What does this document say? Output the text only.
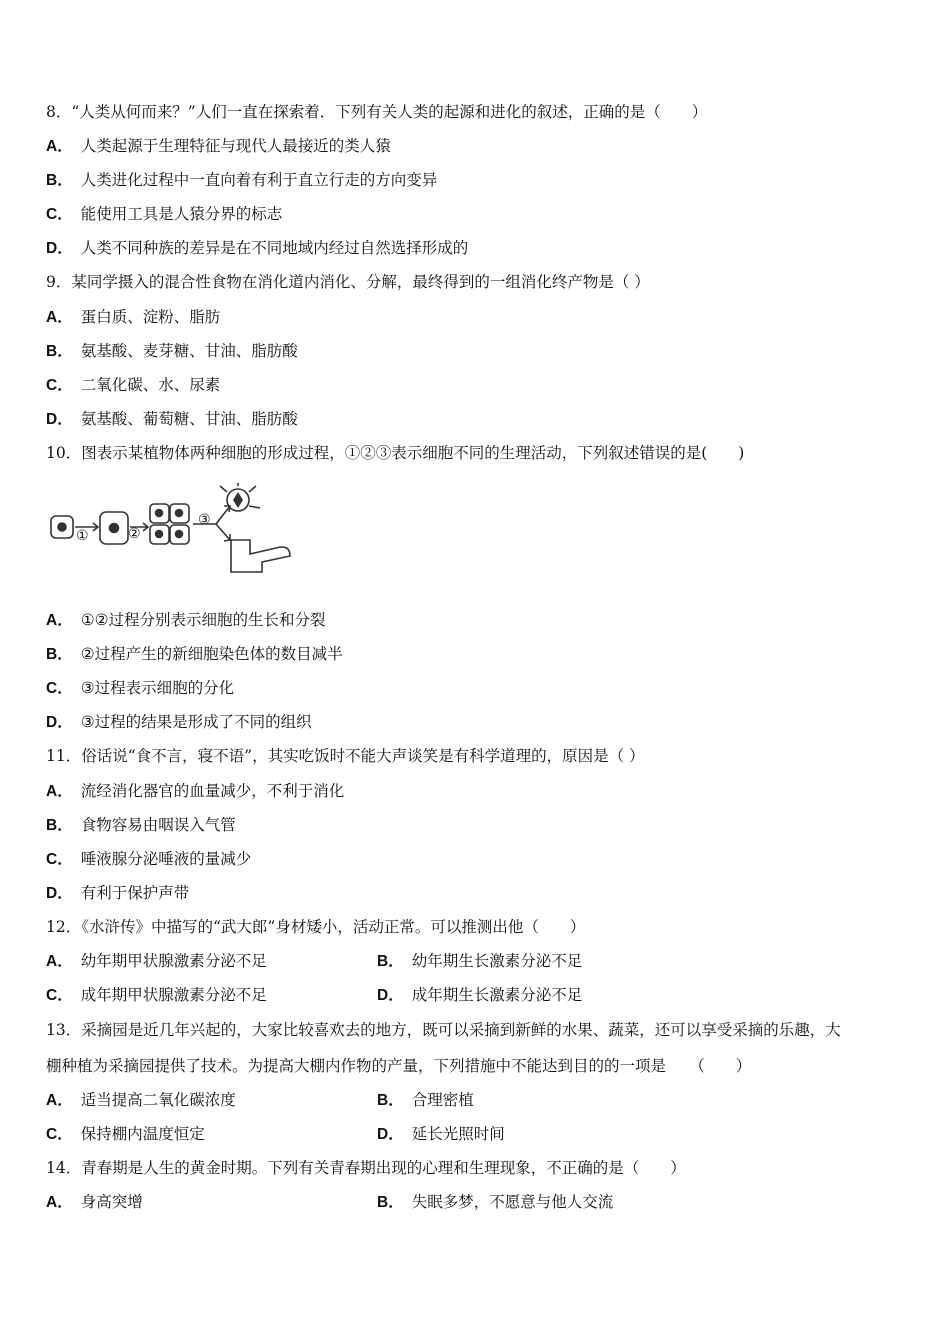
8．“人类从何而来？”人们一直在探索着．下列有关人类的起源和进化的叙述，正确的是（　　）
A． 人类起源于生理特征与现代人最接近的类人猿
B． 人类进化过程中一直向着有利于直立行走的方向变异
C． 能使用工具是人猿分界的标志
D． 人类不同种族的差异是在不同地域内经过自然选择形成的
9．某同学摄入的混合性食物在消化道内消化、分解，最终得到的一组消化终产物是（ ）
A． 蛋白质、淀粉、脂肪
B． 氨基酸、麦芽糖、甘油、脂肪酸
C． 二氧化碳、水、尿素
D． 氨基酸、葡萄糖、甘油、脂肪酸
10．图表示某植物体两种细胞的形成过程，①②③表示细胞不同的生理活动，下列叙述错误的是(　　)
①	②
③
A． ①②过程分别表示细胞的生长和分裂
B． ②过程产生的新细胞染色体的数目减半
C． ③过程表示细胞的分化
D． ③过程的结果是形成了不同的组织
11．俗话说“食不言，寝不语”，其实吃饭时不能大声谈笑是有科学道理的，原因是（ ）
A． 流经消化器官的血量减少，不利于消化
B． 食物容易由咽误入气管
C． 唾液腺分泌唾液的量减少
D． 有利于保护声带
12．《水浒传》中描写的“武大郎”身材矮小，活动正常。可以推测出他（　　）
A． 幼年期甲状腺激素分泌不足	B． 幼年期生长激素分泌不足
C． 成年期甲状腺激素分泌不足	D． 成年期生长激素分泌不足
13．采摘园是近几年兴起的，大家比较喜欢去的地方，既可以采摘到新鲜的水果、蔬菜，还可以享受采摘的乐趣，大
棚种植为采摘园提供了技术。为提高大棚内作物的产量，下列措施中不能达到目的的一项是　　（　　）
A． 适当提高二氧化碳浓度	B． 合理密植
C． 保持棚内温度恒定	D． 延长光照时间
14．青春期是人生的黄金时期。下列有关青春期出现的心理和生理现象，不正确的是（　　）
A． 身高突增	B． 失眠多梦，不愿意与他人交流
